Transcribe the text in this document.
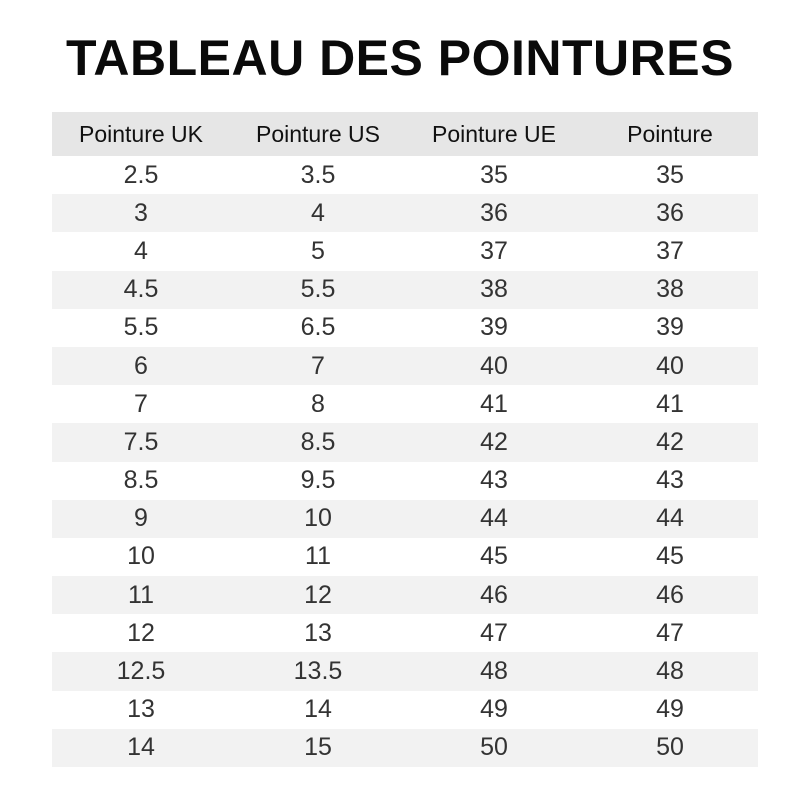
TABLEAU DES POINTURES
Pointure UK	Pointure US	Pointure UE	Pointure
2.5	3.5	35	35
3	4	36	36
4	5	37	37
4.5	5.5	38	38
5.5	6.5	39	39
6	7	40	40
7	8	41	41
7.5	8.5	42	42
8.5	9.5	43	43
9	10	44	44
10	11	45	45
11	12	46	46
12	13	47	47
12.5	13.5	48	48
13	14	49	49
14	15	50	50
